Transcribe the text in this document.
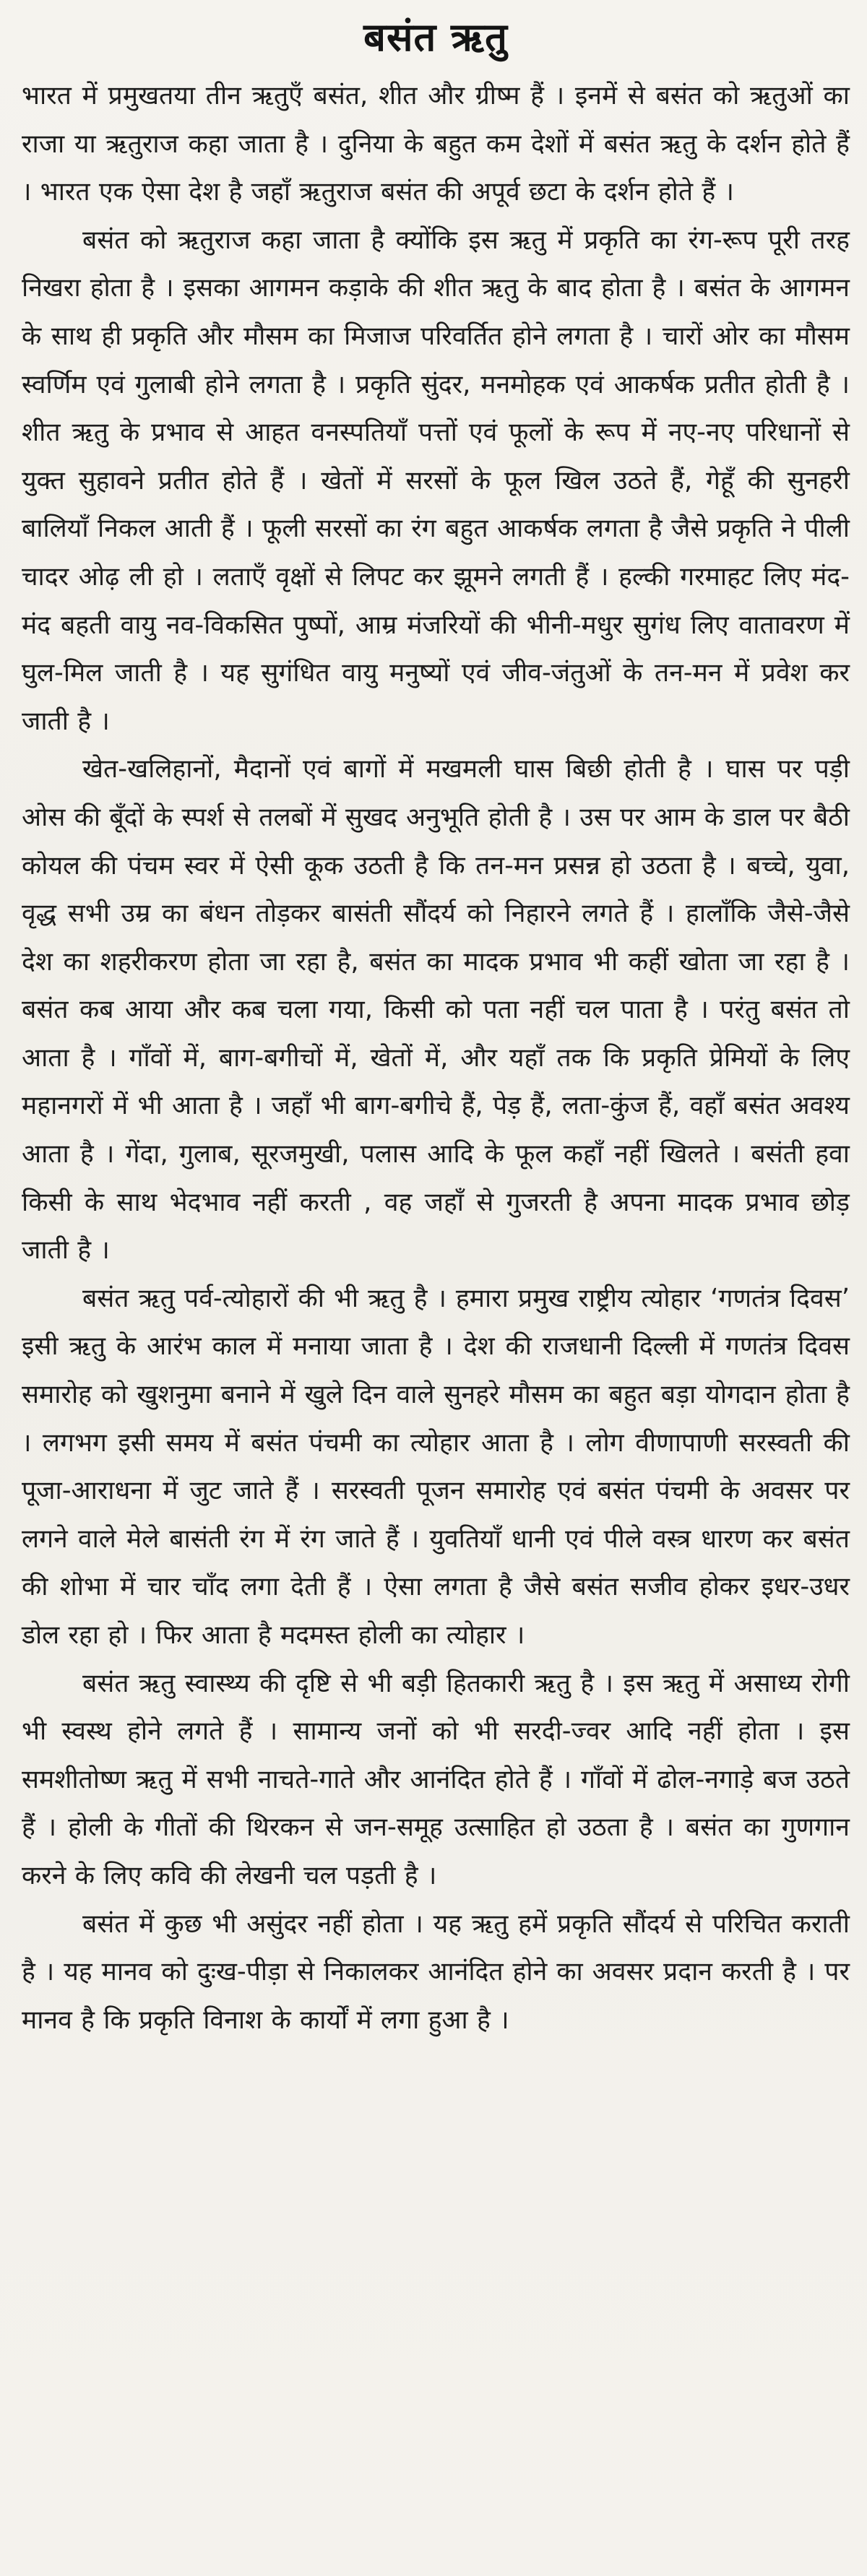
बसंत ऋतु

भारत में प्रमुखतया तीन ऋतुएँ बसंत, शीत और ग्रीष्म हैं । इनमें से बसंत को ऋतुओं का राजा या ऋतुराज कहा जाता है । दुनिया के बहुत कम देशों में बसंत ऋतु के दर्शन होते हैं । भारत एक ऐसा देश है जहाँ ऋतुराज बसंत की अपूर्व छटा के दर्शन होते हैं ।

बसंत को ऋतुराज कहा जाता है क्योंकि इस ऋतु में प्रकृति का रंग-रूप पूरी तरह निखरा होता है । इसका आगमन कड़ाके की शीत ऋतु के बाद होता है । बसंत के आगमन के साथ ही प्रकृति और मौसम का मिजाज परिवर्तित होने लगता है । चारों ओर का मौसम स्वर्णिम एवं गुलाबी होने लगता है । प्रकृति सुंदर, मनमोहक एवं आकर्षक प्रतीत होती है । शीत ऋतु के प्रभाव से आहत वनस्पतियाँ पत्तों एवं फूलों के रूप में नए-नए परिधानों से युक्त सुहावने प्रतीत होते हैं । खेतों में सरसों के फूल खिल उठते हैं, गेहूँ की सुनहरी बालियाँ निकल आती हैं । फूली सरसों का रंग बहुत आकर्षक लगता है जैसे प्रकृति ने पीली चादर ओढ़ ली हो । लताएँ वृक्षों से लिपट कर झूमने लगती हैं । हल्की गरमाहट लिए मंद-मंद बहती वायु नव-विकसित पुष्पों, आम्र मंजरियों की भीनी-मधुर सुगंध लिए वातावरण में घुल-मिल जाती है । यह सुगंधित वायु मनुष्यों एवं जीव-जंतुओं के तन-मन में प्रवेश कर जाती है ।

खेत-खलिहानों, मैदानों एवं बागों में मखमली घास बिछी होती है । घास पर पड़ी ओस की बूँदों के स्पर्श से तलबों में सुखद अनुभूति होती है । उस पर आम के डाल पर बैठी कोयल की पंचम स्वर में ऐसी कूक उठती है कि तन-मन प्रसन्न हो उठता है । बच्चे, युवा, वृद्ध सभी उम्र का बंधन तोड़कर बासंती सौंदर्य को निहारने लगते हैं । हालाँकि जैसे-जैसे देश का शहरीकरण होता जा रहा है, बसंत का मादक प्रभाव भी कहीं खोता जा रहा है । बसंत कब आया और कब चला गया, किसी को पता नहीं चल पाता है । परंतु बसंत तो आता है । गाँवों में, बाग-बगीचों में, खेतों में, और यहाँ तक कि प्रकृति प्रेमियों के लिए महानगरों में भी आता है । जहाँ भी बाग-बगीचे हैं, पेड़ हैं, लता-कुंज हैं, वहाँ बसंत अवश्य आता है । गेंदा, गुलाब, सूरजमुखी, पलास आदि के फूल कहाँ नहीं खिलते । बसंती हवा किसी के साथ भेदभाव नहीं करती , वह जहाँ से गुजरती है अपना मादक प्रभाव छोड़ जाती है ।

बसंत ऋतु पर्व-त्योहारों की भी ऋतु है । हमारा प्रमुख राष्ट्रीय त्योहार ‘गणतंत्र दिवस’ इसी ऋतु के आरंभ काल में मनाया जाता है । देश की राजधानी दिल्ली में गणतंत्र दिवस समारोह को खुशनुमा बनाने में खुले दिन वाले सुनहरे मौसम का बहुत बड़ा योगदान होता है । लगभग इसी समय में बसंत पंचमी का त्योहार आता है । लोग वीणापाणी सरस्वती की पूजा-आराधना में जुट जाते हैं । सरस्वती पूजन समारोह एवं बसंत पंचमी के अवसर पर लगने वाले मेले बासंती रंग में रंग जाते हैं । युवतियाँ धानी एवं पीले वस्त्र धारण कर बसंत की शोभा में चार चाँद लगा देती हैं । ऐसा लगता है जैसे बसंत सजीव होकर इधर-उधर डोल रहा हो । फिर आता है मदमस्त होली का त्योहार ।

बसंत ऋतु स्वास्थ्य की दृष्टि से भी बड़ी हितकारी ऋतु है । इस ऋतु में असाध्य रोगी भी स्वस्थ होने लगते हैं । सामान्य जनों को भी सरदी-ज्वर आदि नहीं होता । इस समशीतोष्ण ऋतु में सभी नाचते-गाते और आनंदित होते हैं । गाँवों में ढोल-नगाड़े बज उठते हैं । होली के गीतों की थिरकन से जन-समूह उत्साहित हो उठता है । बसंत का गुणगान करने के लिए कवि की लेखनी चल पड़ती है ।

बसंत में कुछ भी असुंदर नहीं होता । यह ऋतु हमें प्रकृति सौंदर्य से परिचित कराती है । यह मानव को दुःख-पीड़ा से निकालकर आनंदित होने का अवसर प्रदान करती है । पर मानव है कि प्रकृति विनाश के कार्यों में लगा हुआ है ।
